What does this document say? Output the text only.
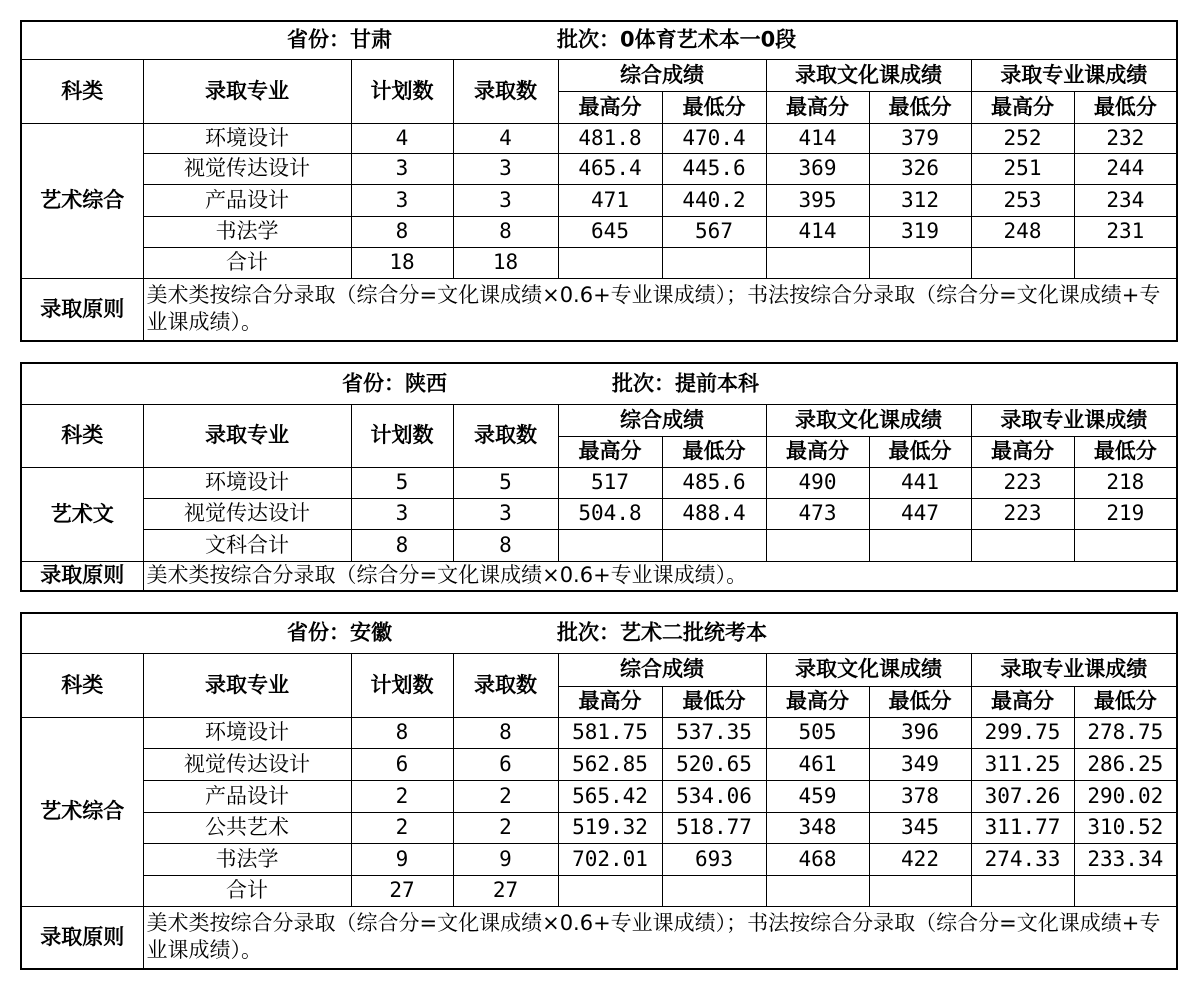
省份：甘肃 批次：0体育艺术本一0段									

科类	录取专业	计划数	录取数	综合成绩		录取文化课成绩		录取专业课成绩	
				最高分	最低分	最高分	最低分	最高分	最低分
艺术综合	环境设计	4	4	481.8	470.4	414	379	252	232
	视觉传达设计	3	3	465.4	445.6	369	326	251	244
	产品设计	3	3	471	440.2	395	312	253	234
	书法学	8	8	645	567	414	319	248	231
	合计	18	18						
录取原则	美术类按综合分录取（综合分=文化课成绩×0.6+专业课成绩）；书法按综合分录取（综合分=文化课成绩+专业课成绩）。								
省份：陕西 批次：提前本科									

科类	录取专业	计划数	录取数	综合成绩		录取文化课成绩		录取专业课成绩	
				最高分	最低分	最高分	最低分	最高分	最低分
艺术文	环境设计	5	5	517	485.6	490	441	223	218
	视觉传达设计	3	3	504.8	488.4	473	447	223	219
	文科合计	8	8						
录取原则	美术类按综合分录取（综合分=文化课成绩×0.6+专业课成绩）。								
省份：安徽 批次：艺术二批统考本									

科类	录取专业	计划数	录取数	综合成绩		录取文化课成绩		录取专业课成绩	
				最高分	最低分	最高分	最低分	最高分	最低分
艺术综合	环境设计	8	8	581.75	537.35	505	396	299.75	278.75
	视觉传达设计	6	6	562.85	520.65	461	349	311.25	286.25
	产品设计	2	2	565.42	534.06	459	378	307.26	290.02
	公共艺术	2	2	519.32	518.77	348	345	311.77	310.52
	书法学	9	9	702.01	693	468	422	274.33	233.34
	合计	27	27						
录取原则	美术类按综合分录取（综合分=文化课成绩×0.6+专业课成绩）；书法按综合分录取（综合分=文化课成绩+专业课成绩）。								
